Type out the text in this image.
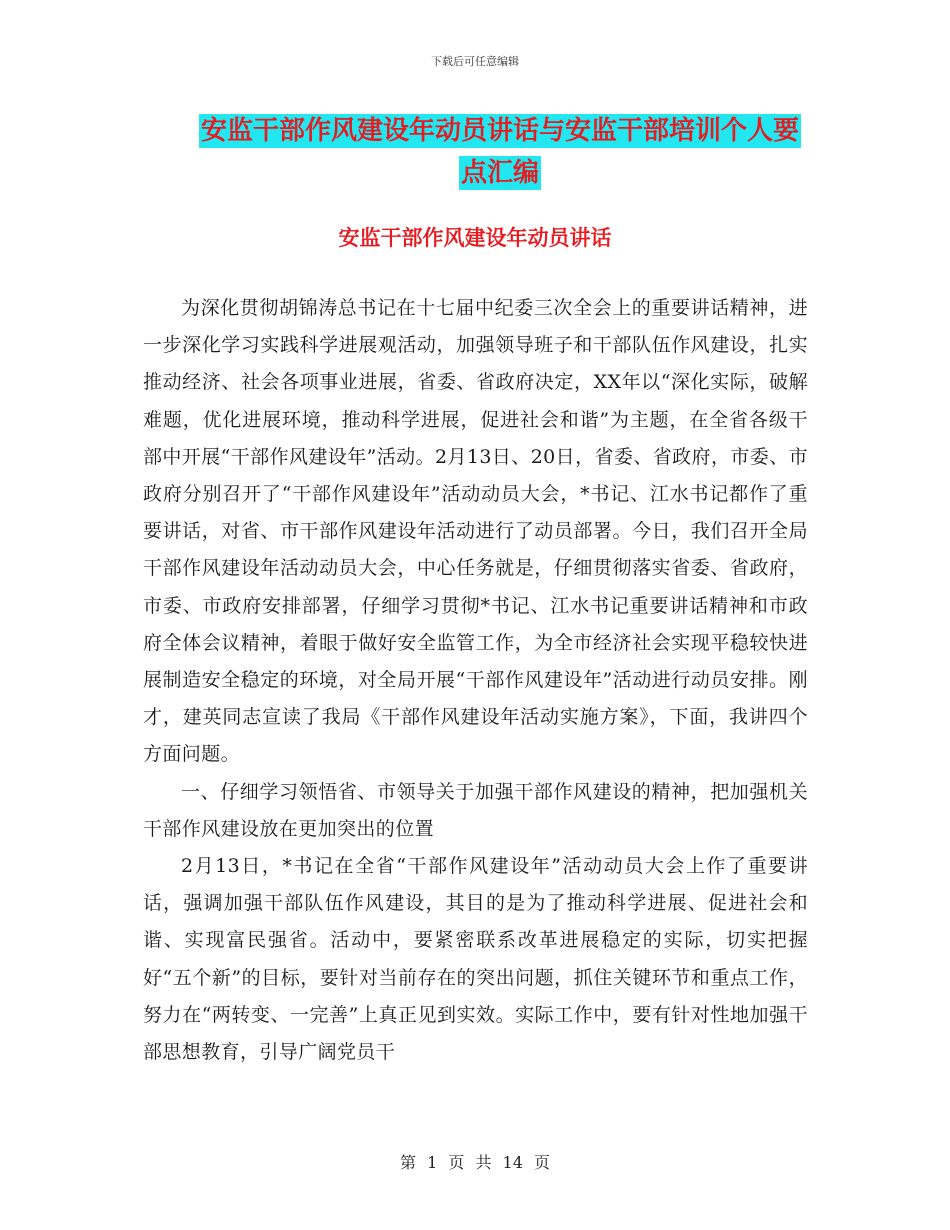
下载后可任意编辑
安监干部作风建设年动员讲话与安监干部培训个人要
点汇编
安监干部作风建设年动员讲话

为深化贯彻胡锦涛总书记在十七届中纪委三次全会上的重要讲话精神，进一步深化学习实践科学进展观活动，加强领导班子和干部队伍作风建设，扎实推动经济、社会各项事业进展，省委、省政府决定，XX年以“深化实际，破解难题，优化进展环境，推动科学进展，促进社会和谐”为主题，在全省各级干部中开展“干部作风建设年”活动。2月13日、20日，省委、省政府，市委、市政府分别召开了“干部作风建设年”活动动员大会，*书记、江水书记都作了重要讲话，对省、市干部作风建设年活动进行了动员部署。今日，我们召开全局干部作风建设年活动动员大会，中心任务就是，仔细贯彻落实省委、省政府，市委、市政府安排部署，仔细学习贯彻*书记、江水书记重要讲话精神和市政府全体会议精神，着眼于做好安全监管工作，为全市经济社会实现平稳较快进展制造安全稳定的环境，对全局开展“干部作风建设年”活动进行动员安排。刚才，建英同志宣读了我局《干部作风建设年活动实施方案》，下面，我讲四个方面问题。

一、仔细学习领悟省、市领导关于加强干部作风建设的精神，把加强机关干部作风建设放在更加突出的位置

2月13日，*书记在全省“干部作风建设年”活动动员大会上作了重要讲话，强调加强干部队伍作风建设，其目的是为了推动科学进展、促进社会和谐、实现富民强省。活动中，要紧密联系改革进展稳定的实际，切实把握好“五个新”的目标，要针对当前存在的突出问题，抓住关键环节和重点工作，努力在“两转变、一完善”上真正见到实效。实际工作中，要有针对性地加强干部思想教育，引导广阔党员干

第 1 页 共 14 页
